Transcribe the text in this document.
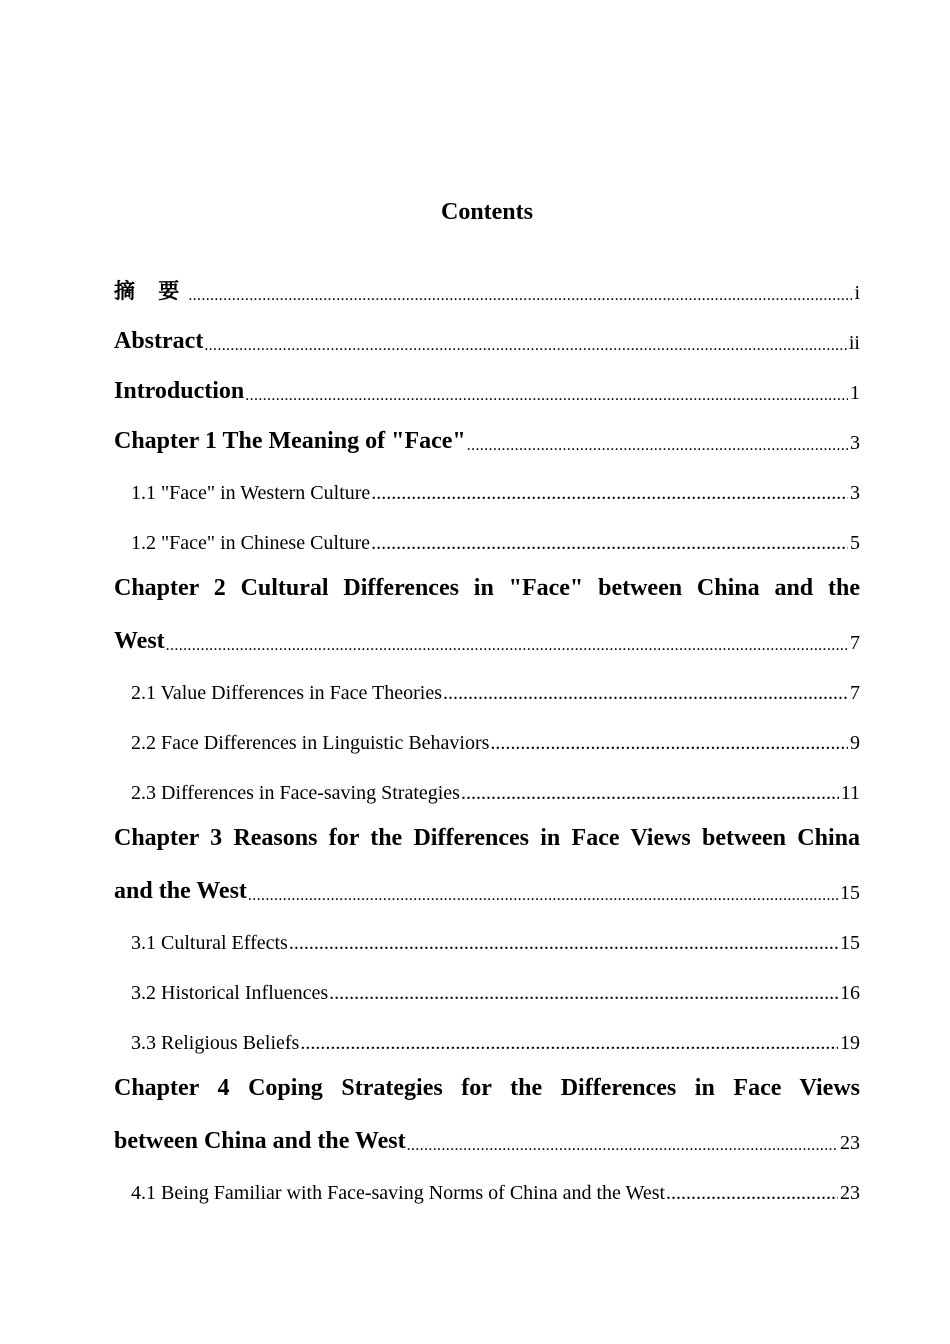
Contents
摘 要 .....	i
Abstract .....	ii
Introduction .....	1
Chapter 1 The Meaning of "Face" .....	3
1.1 "Face" in Western Culture .....	3
1.2 "Face" in Chinese Culture .....	5
Chapter 2 Cultural Differences in "Face" between China and the
West .....	7
2.1 Value Differences in Face Theories .....	7
2.2 Face Differences in Linguistic Behaviors .....	9
2.3 Differences in Face-saving Strategies .....	11
Chapter 3 Reasons for the Differences in Face Views between China
and the West .....	15
3.1 Cultural Effects .....	15
3.2 Historical Influences .....	16
3.3 Religious Beliefs .....	19
Chapter 4 Coping Strategies for the Differences in Face Views
between China and the West .....	23
4.1 Being Familiar with Face-saving Norms of China and the West .....	23
